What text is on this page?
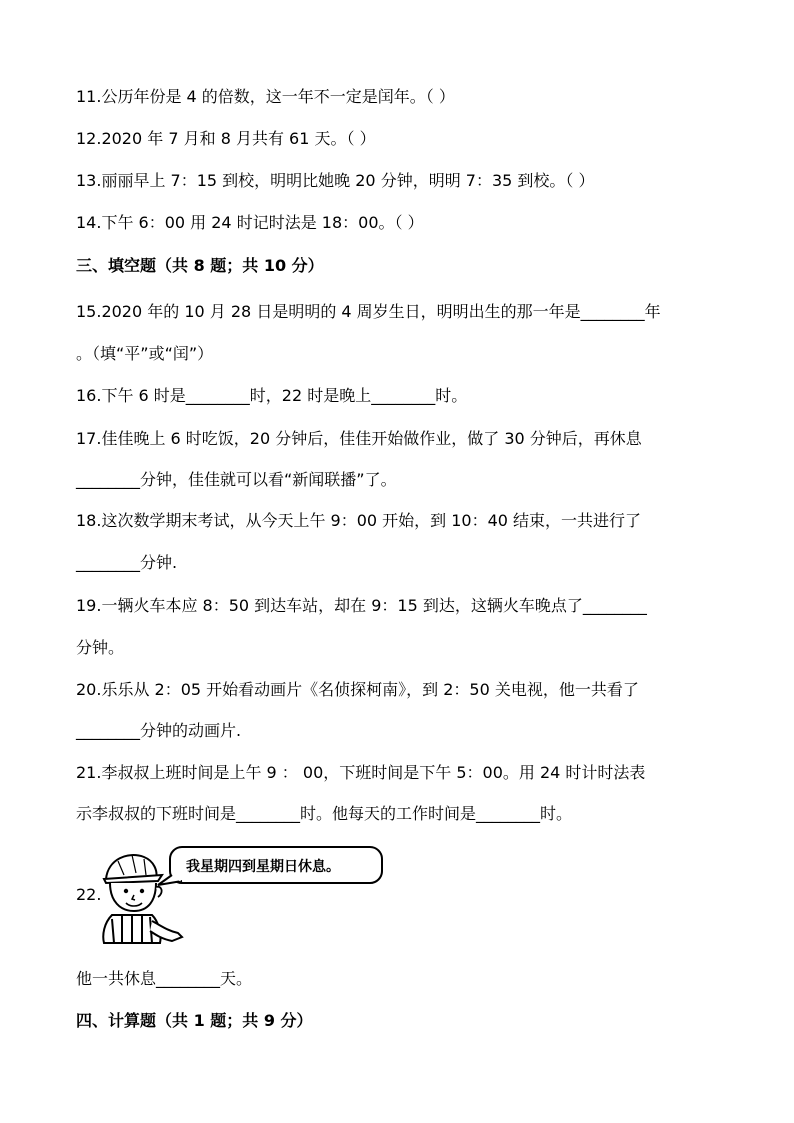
11.公历年份是 4 的倍数，这一年不一定是闰年。（ ）
12.2020 年 7 月和 8 月共有 61 天。（ ）
13.丽丽早上 7：15 到校，明明比她晚 20 分钟，明明 7：35 到校。（ ）
14.下午 6：00 用 24 时记时法是 18：00。（ ）
三、填空题（共 8 题；共 10 分）
15.2020 年的 10 月 28 日是明明的 4 周岁生日，明明出生的那一年是________年
。（填“平”或“闰”）
16.下午 6 时是________时，22 时是晚上________时。
17.佳佳晚上 6 时吃饭，20 分钟后，佳佳开始做作业，做了 30 分钟后，再休息
________分钟，佳佳就可以看“新闻联播”了。
18.这次数学期末考试，从今天上午 9：00 开始，到 10：40 结束，一共进行了
________分钟.
19.一辆火车本应 8：50 到达车站，却在 9：15 到达，这辆火车晚点了________
分钟。
20.乐乐从 2：05 开始看动画片《名侦探柯南》，到 2：50 关电视，他一共看了
________分钟的动画片.
21.李叔叔上班时间是上午 9 ： 00，下班时间是下午 5：00。用 24 时计时法表
示李叔叔的下班时间是________时。他每天的工作时间是________时。
22.
我星期四到星期日休息。
他一共休息________天。
四、计算题（共 1 题；共 9 分）
